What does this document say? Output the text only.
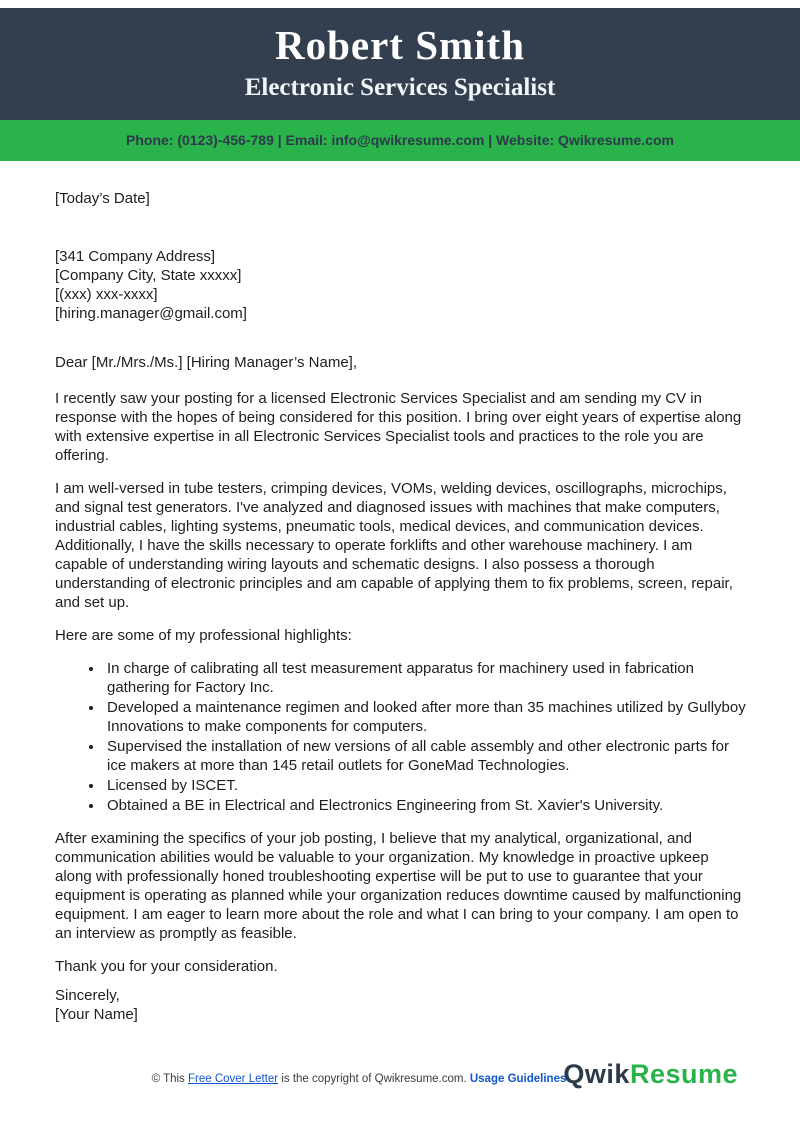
Robert Smith
Electronic Services Specialist
Phone: (0123)-456-789 | Email: info@qwikresume.com | Website: Qwikresume.com

[Today’s Date]

[341 Company Address]
[Company City, State xxxxx]
[(xxx) xxx-xxxx]
[hiring.manager@gmail.com]

Dear [Mr./Mrs./Ms.] [Hiring Manager’s Name],

I recently saw your posting for a licensed Electronic Services Specialist and am sending my CV in response with the hopes of being considered for this position. I bring over eight years of expertise along with extensive expertise in all Electronic Services Specialist tools and practices to the role you are offering.

I am well-versed in tube testers, crimping devices, VOMs, welding devices, oscillographs, microchips, and signal test generators. I've analyzed and diagnosed issues with machines that make computers, industrial cables, lighting systems, pneumatic tools, medical devices, and communication devices. Additionally, I have the skills necessary to operate forklifts and other warehouse machinery. I am capable of understanding wiring layouts and schematic designs. I also possess a thorough understanding of electronic principles and am capable of applying them to fix problems, screen, repair, and set up.

Here are some of my professional highlights:

• In charge of calibrating all test measurement apparatus for machinery used in fabrication gathering for Factory Inc.
• Developed a maintenance regimen and looked after more than 35 machines utilized by Gullyboy Innovations to make components for computers.
• Supervised the installation of new versions of all cable assembly and other electronic parts for ice makers at more than 145 retail outlets for GoneMad Technologies.
• Licensed by ISCET.
• Obtained a BE in Electrical and Electronics Engineering from St. Xavier's University.

After examining the specifics of your job posting, I believe that my analytical, organizational, and communication abilities would be valuable to your organization. My knowledge in proactive upkeep along with professionally honed troubleshooting expertise will be put to use to guarantee that your equipment is operating as planned while your organization reduces downtime caused by malfunctioning equipment. I am eager to learn more about the role and what I can bring to your company. I am open to an interview as promptly as feasible.

Thank you for your consideration.

Sincerely,

[Your Name]

© This Free Cover Letter is the copyright of Qwikresume.com. Usage Guidelines
QwikResume
